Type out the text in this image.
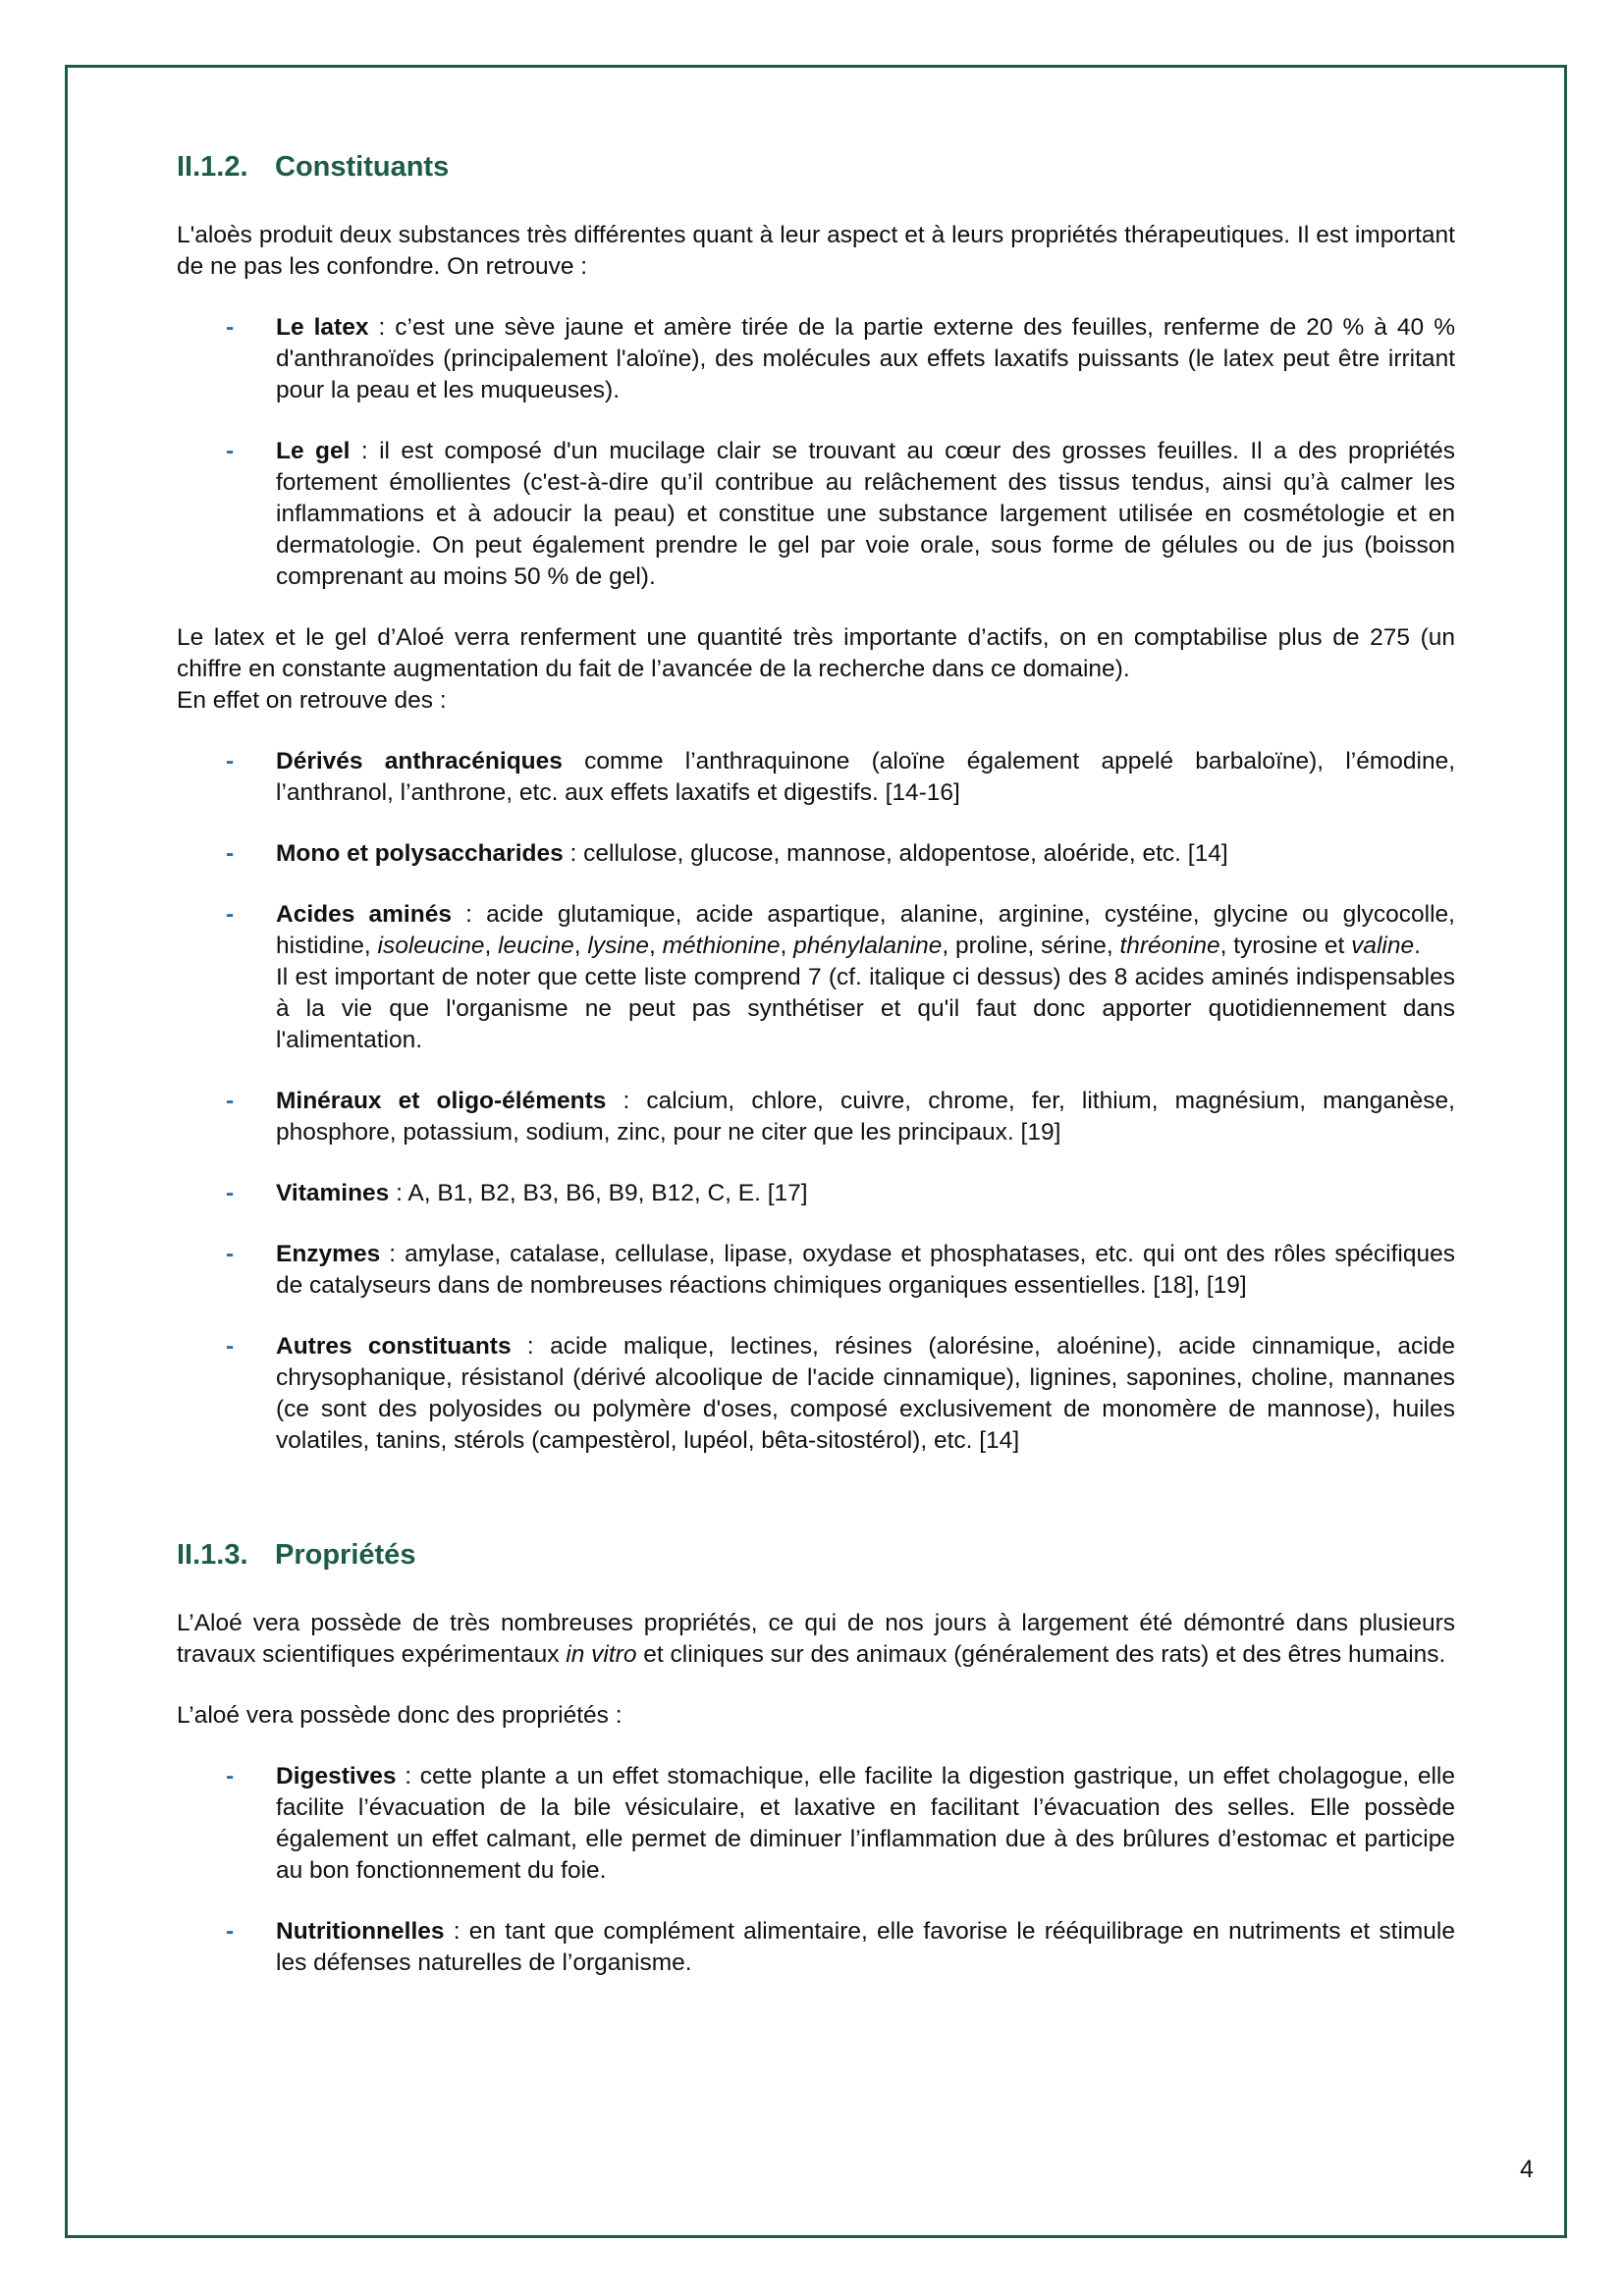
II.1.2. Constituants

L'aloès produit deux substances très différentes quant à leur aspect et à leurs propriétés thérapeutiques. Il est important de ne pas les confondre. On retrouve :

- Le latex : c’est une sève jaune et amère tirée de la partie externe des feuilles, renferme de 20 % à 40 % d'anthranoïdes (principalement l'aloïne), des molécules aux effets laxatifs puissants (le latex peut être irritant pour la peau et les muqueuses).
- Le gel : il est composé d'un mucilage clair se trouvant au cœur des grosses feuilles. Il a des propriétés fortement émollientes (c'est-à-dire qu’il contribue au relâchement des tissus tendus, ainsi qu’à calmer les inflammations et à adoucir la peau) et constitue une substance largement utilisée en cosmétologie et en dermatologie. On peut également prendre le gel par voie orale, sous forme de gélules ou de jus (boisson comprenant au moins 50 % de gel).

Le latex et le gel d’Aloé verra renferment une quantité très importante d’actifs, on en comptabilise plus de 275 (un chiffre en constante augmentation du fait de l’avancée de la recherche dans ce domaine).
En effet on retrouve des :

- Dérivés anthracéniques comme l’anthraquinone (aloïne également appelé barbaloïne), l’émodine, l’anthranol, l’anthrone, etc. aux effets laxatifs et digestifs. [14-16]
- Mono et polysaccharides : cellulose, glucose, mannose, aldopentose, aloéride, etc. [14]
- Acides aminés : acide glutamique, acide aspartique, alanine, arginine, cystéine, glycine ou glycocolle, histidine, isoleucine, leucine, lysine, méthionine, phénylalanine, proline, sérine, thréonine, tyrosine et valine.
Il est important de noter que cette liste comprend 7 (cf. italique ci dessus) des 8 acides aminés indispensables à la vie que l'organisme ne peut pas synthétiser et qu'il faut donc apporter quotidiennement dans l'alimentation.
- Minéraux et oligo-éléments : calcium, chlore, cuivre, chrome, fer, lithium, magnésium, manganèse, phosphore, potassium, sodium, zinc, pour ne citer que les principaux. [19]
- Vitamines : A, B1, B2, B3, B6, B9, B12, C, E. [17]
- Enzymes : amylase, catalase, cellulase, lipase, oxydase et phosphatases, etc. qui ont des rôles spécifiques de catalyseurs dans de nombreuses réactions chimiques organiques essentielles. [18], [19]
- Autres constituants : acide malique, lectines, résines (alorésine, aloénine), acide cinnamique, acide chrysophanique, résistanol (dérivé alcoolique de l'acide cinnamique), lignines, saponines, choline, mannanes (ce sont des polyosides ou polymère d'oses, composé exclusivement de monomère de mannose), huiles volatiles, tanins, stérols (campestèrol, lupéol, bêta-sitostérol), etc. [14]
II.1.3. Propriétés

L’Aloé vera possède de très nombreuses propriétés, ce qui de nos jours à largement été démontré dans plusieurs travaux scientifiques expérimentaux in vitro et cliniques sur des animaux (généralement des rats) et des êtres humains.

L’aloé vera possède donc des propriétés :

- Digestives : cette plante a un effet stomachique, elle facilite la digestion gastrique, un effet cholagogue, elle facilite l’évacuation de la bile vésiculaire, et laxative en facilitant l’évacuation des selles. Elle possède également un effet calmant, elle permet de diminuer l’inflammation due à des brûlures d’estomac et participe au bon fonctionnement du foie.
- Nutritionnelles : en tant que complément alimentaire, elle favorise le rééquilibrage en nutriments et stimule les défenses naturelles de l’organisme.
4
